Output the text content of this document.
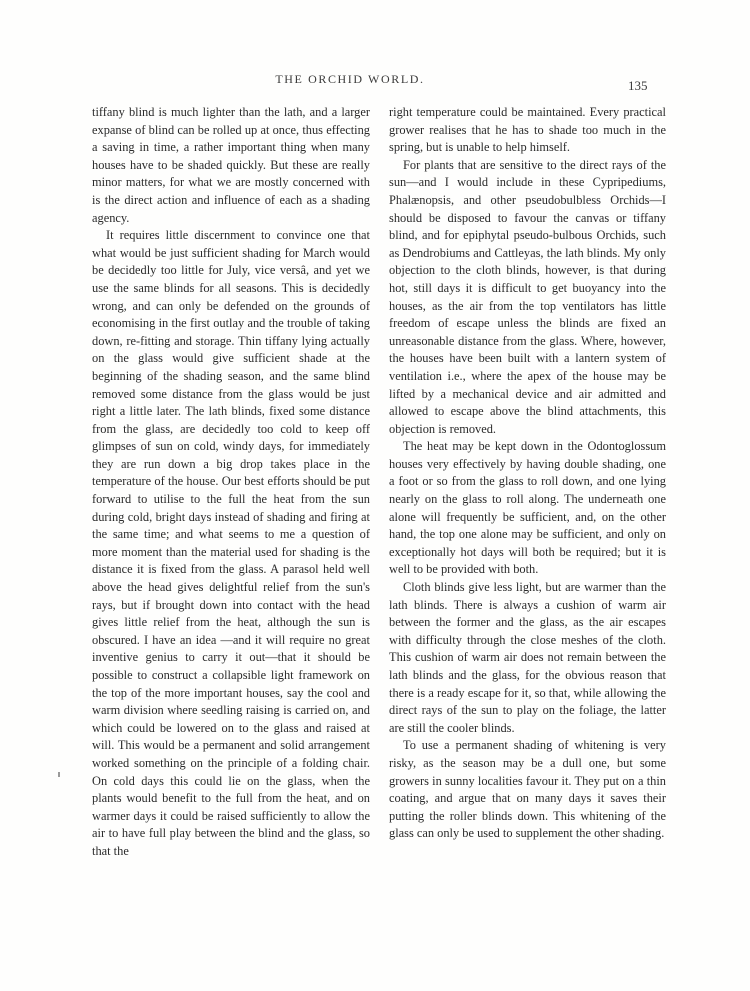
THE ORCHID WORLD.	135

tiffany blind is much lighter than the lath, and a larger expanse of blind can be rolled up at once, thus effecting a saving in time, a rather important thing when many houses have to be shaded quickly. But these are really minor matters, for what we are mostly concerned with is the direct action and influence of each as a shading agency.

It requires little discernment to convince one that what would be just sufficient shading for March would be decidedly too little for July, vice versâ, and yet we use the same blinds for all seasons. This is decidedly wrong, and can only be defended on the grounds of economising in the first outlay and the trouble of taking down, re-fitting and storage. Thin tiffany lying actually on the glass would give sufficient shade at the beginning of the shading season, and the same blind removed some distance from the glass would be just right a little later. The lath blinds, fixed some distance from the glass, are decidedly too cold to keep off glimpses of sun on cold, windy days, for immediately they are run down a big drop takes place in the temperature of the house. Our best efforts should be put forward to utilise to the full the heat from the sun during cold, bright days instead of shading and firing at the same time; and what seems to me a question of more moment than the material used for shading is the distance it is fixed from the glass. A parasol held well above the head gives delightful relief from the sun's rays, but if brought down into contact with the head gives little relief from the heat, although the sun is obscured. I have an idea —and it will require no great inventive genius to carry it out—that it should be possible to construct a collapsible light framework on the top of the more important houses, say the cool and warm division where seedling raising is carried on, and which could be lowered on to the glass and raised at will. This would be a permanent and solid arrangement worked something on the principle of a folding chair. On cold days this could lie on the glass, when the plants would benefit to the full from the heat, and on warmer days it could be raised sufficiently to allow the air to have full play between the blind and the glass, so that the

right temperature could be maintained. Every practical grower realises that he has to shade too much in the spring, but is unable to help himself.

For plants that are sensitive to the direct rays of the sun—and I would include in these Cypripediums, Phalænopsis, and other pseudobulbless Orchids—I should be disposed to favour the canvas or tiffany blind, and for epiphytal pseudo-bulbous Orchids, such as Dendrobiums and Cattleyas, the lath blinds. My only objection to the cloth blinds, however, is that during hot, still days it is difficult to get buoyancy into the houses, as the air from the top ventilators has little freedom of escape unless the blinds are fixed an unreasonable distance from the glass. Where, however, the houses have been built with a lantern system of ventilation i.e., where the apex of the house may be lifted by a mechanical device and air admitted and allowed to escape above the blind attachments, this objection is removed.

The heat may be kept down in the Odontoglossum houses very effectively by having double shading, one a foot or so from the glass to roll down, and one lying nearly on the glass to roll along. The underneath one alone will frequently be sufficient, and, on the other hand, the top one alone may be sufficient, and only on exceptionally hot days will both be required; but it is well to be provided with both.

Cloth blinds give less light, but are warmer than the lath blinds. There is always a cushion of warm air between the former and the glass, as the air escapes with difficulty through the close meshes of the cloth. This cushion of warm air does not remain between the lath blinds and the glass, for the obvious reason that there is a ready escape for it, so that, while allowing the direct rays of the sun to play on the foliage, the latter are still the cooler blinds.

To use a permanent shading of whitening is very risky, as the season may be a dull one, but some growers in sunny localities favour it. They put on a thin coating, and argue that on many days it saves their putting the roller blinds down. This whitening of the glass can only be used to supplement the other shading.
